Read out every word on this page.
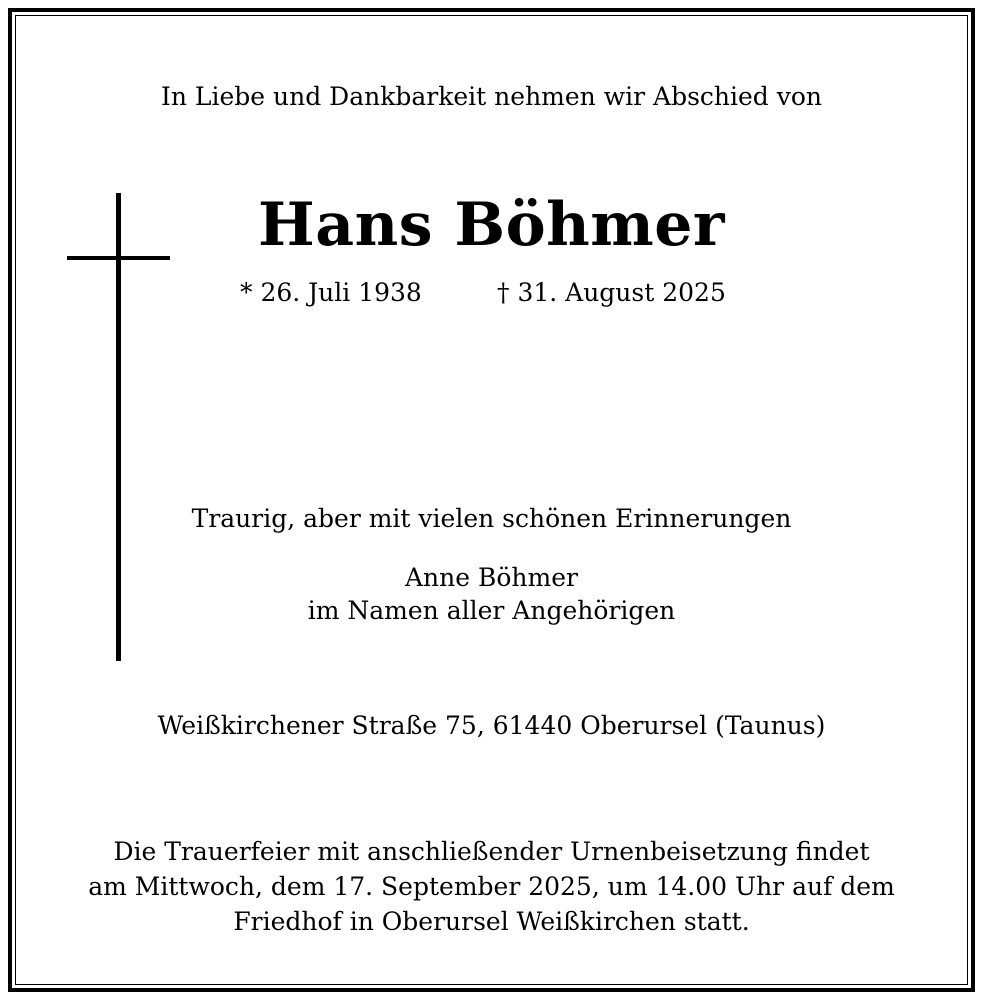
In Liebe und Dankbarkeit nehmen wir Abschied von
Hans Böhmer
* 26. Juli 1938	† 31. August 2025
Traurig, aber mit vielen schönen Erinnerungen
Anne Böhmer
im Namen aller Angehörigen
Weißkirchener Straße 75, 61440 Oberursel (Taunus)
Die Trauerfeier mit anschließender Urnenbeisetzung findet
am Mittwoch, dem 17. September 2025, um 14.00 Uhr auf dem
Friedhof in Oberursel Weißkirchen statt.
